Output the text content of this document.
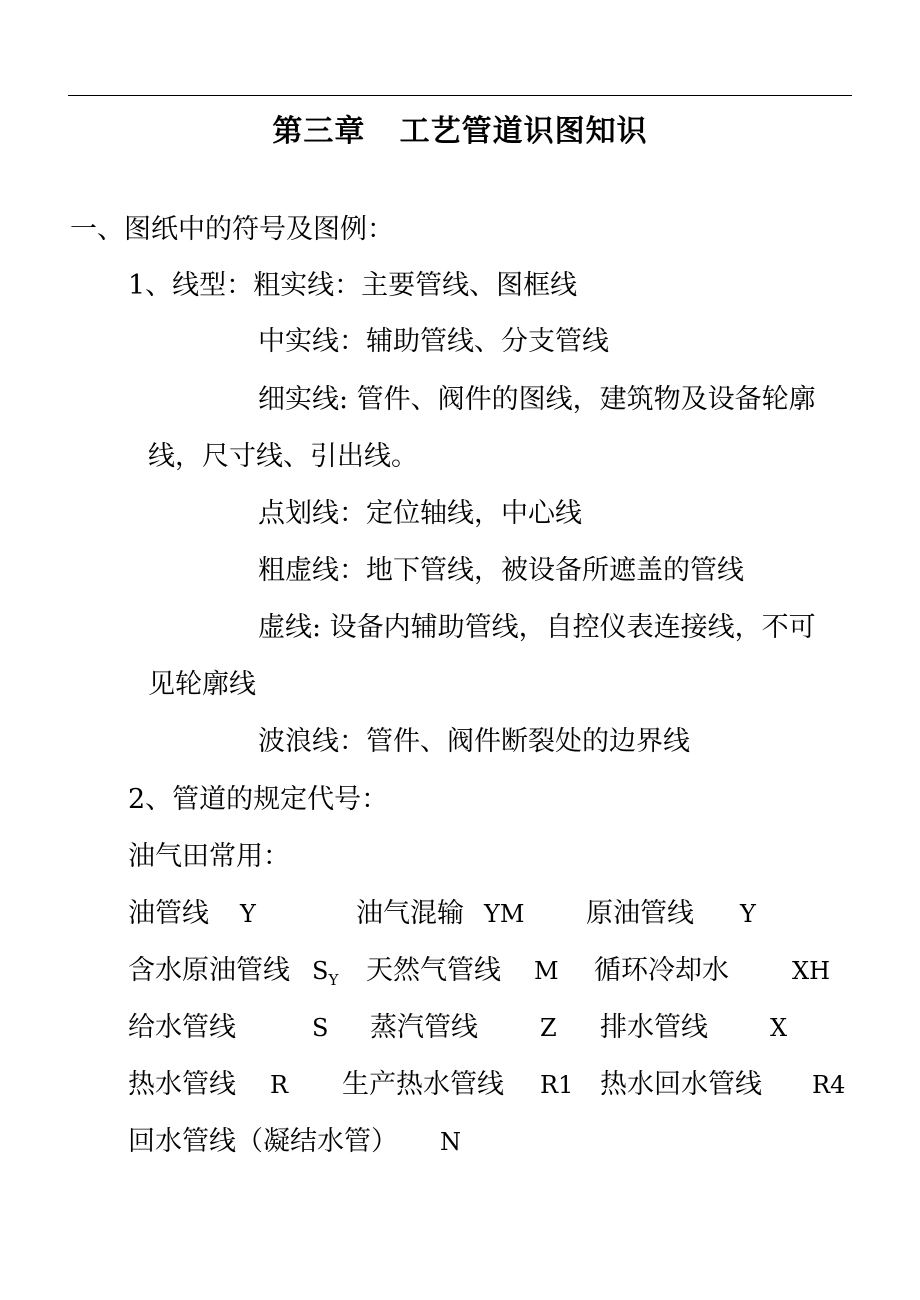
第三章   工艺管道识图知识
一、图纸中的符号及图例：
1、线型：粗实线：主要管线、图框线
中实线：辅助管线、分支管线
细实线: 管件、阀件的图线，建筑物及设备轮廓
线，尺寸线、引出线。
点划线：定位轴线，中心线
粗虚线：地下管线，被设备所遮盖的管线
虚线: 设备内辅助管线，自控仪表连接线，不可
见轮廓线
波浪线：管件、阀件断裂处的边界线
2、管道的规定代号：
油气田常用：
油管线 Y	油气混输 YM 原油管线 Y
含水原油管线 $S_Y$ 天然气管线 M 循环冷却水	XH
给水管线	S 蒸汽管线	Z 排水管线	X
热水管线 R 生产热水管线 R1 热水回水管线 R4
回水管线（凝结水管） N
